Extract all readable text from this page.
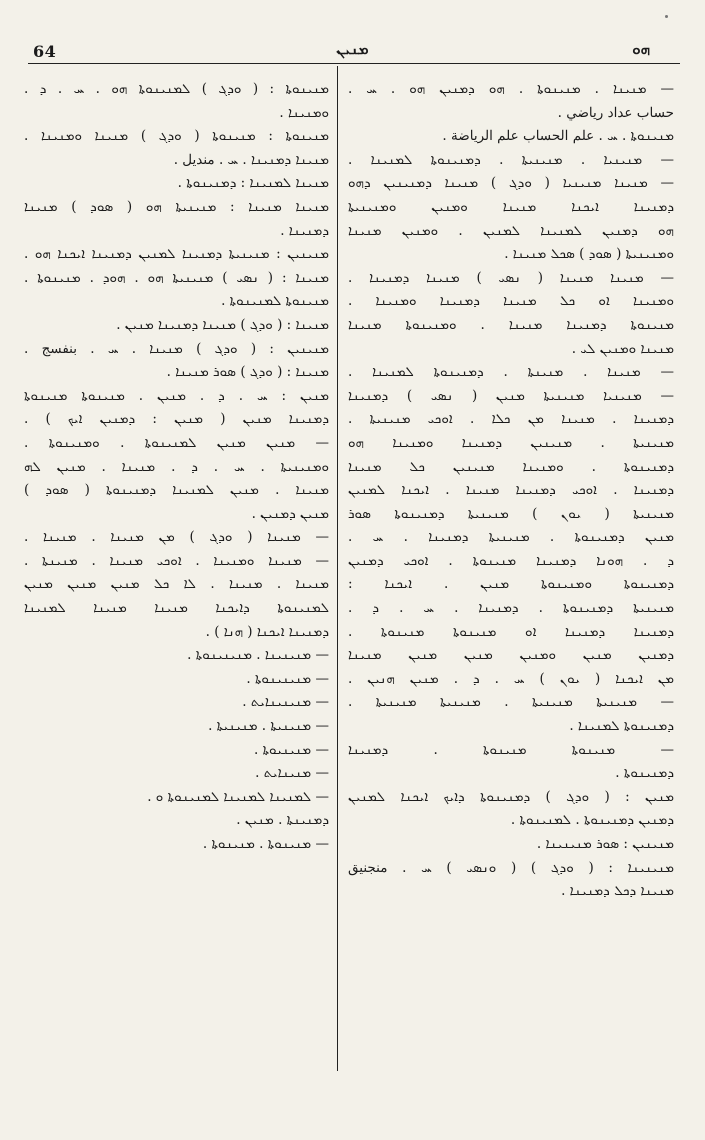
64	ܡܢܝܢ	ܗܘ
— ܡܢܝܢܐ . ܡܢܝܢܘܬܐ . ܗܘ ܕܡܢܝܢ ܗܘ . ܚ .
حساب عداد رياضي .
ܡܢܝܢܘܬܐ . ܚ . علم الحساب علم الرياضة .
— ܡܢܝܢܝܐ . ܡܢܝܢܝܬܐ . ܕܡܢܝܢܘܬܐ ܠܡܢܝܢܐ .
— ܡܢܝܢܐ ܡܢܝܢܝܐ ( ܘܕܓ ) ܡܢܝܢܐ ܕܡܢܝܢܝܢ ܕܗܘ
ܕܡܢܝܢܐ ܐܝܟܢܐ ܡܢܝܢܐ ܘܡܢܝܢ ܘܡܢܝܢܝܬܐ
ܗܘ ܕܡܢܝܢ ܠܡܢܝܢܐ ܠܡܢܝܢ . ܘܡܢܝܢ ܡܢܝܢܐ
ܘܡܢܝܢܝܬܐ ( ܣܘܕ ) ܣܟܠ ܡܢܝܢܐ .
— ܡܢܝܢܐ ܡܢܝܢܐ ( ܢܣܝ ) ܡܢܝܢܐ ܕܡܢܝܢܐ .
ܘܡܢܝܢܐ ܐܘ ܟܠ ܡܢܝܢܐ ܕܡܢܝܢܐ ܘܡܢܝܢܐ .
ܡܢܝܢܘܬܐ ܕܡܢܝܢܐ ܡܢܝܢܐ . ܘܡܢܝܢܘܬܐ ܡܢܝܢܐ
ܡܢܝܢܐ ܘܡܢܝܢ ܠܝ .
— ܡܢܝܢܐ . ܡܢܝܢܬܐ . ܕܡܢܝܢܘܬܐ ܠܡܢܝܢܐ .
— ܡܢܝܢܝܐ ܡܢܝܢܝܬܐ ܡܢܝܢ ( ܢܣܝ ) ܕܡܢܝܢܐ
ܕܡܢܝܢܐ . ܡܢܝܢܐ ܡܢ ܟܠܐ . ܐܘܟܝ ܡܢܝܢܝܬܐ .
ܡܢܝܢܝܬܐ . ܡܢܝܢܝܢ ܕܡܢܝܢܐ ܘܡܢܝܢܐ ܗܘ
ܕܡܢܝܢܘܬܐ . ܘܡܢܝܢܐ ܡܢܝܢܝܢ ܟܠ ܡܢܝܢܐ
ܕܡܢܝܢܐ . ܐܘܟܝ ܕܡܢܝܢܐ ܡܢܝܢܐ . ܐܝܟܢܐ ܠܡܢܝܢ
ܡܢܝܢܝܬܐ ( ܝܘܢ ) ܡܢܝܢܝܬܐ ܕܡܢܝܢܘܬܐ ܣܘܪ
ܡܢܝܢ ܕܡܢܝܢܘܬܐ . ܡܢܝܢܝܬܐ ܕܡܢܝܢܐ . ܚ .
ܕ . ܗܘܢܐ ܕܡܢܝܢܐ ܡܢܝܢܘܬܐ . ܐܘܟܝ ܕܡܢܝܢ
ܕܡܢܝܢܘܬܐ ܘܡܢܝܢܘܬܐ ܡܢܝܢ . ܐܝܟܢܐ :
ܡܢܝܢܝܬܐ ܕܡܢܝܢܘܬܐ . ܕܡܢܝܢܐ . ܚ . ܕ .
ܕܡܢܝܢܐ ܕܡܢܝܢܐ ܐܘ ܡܢܝܢܘܬܐ ܡܢܝܢܘܬܐ .
ܕܡܢܝܢ ܡܢܝܢ ܘܡܢܝܢ ܡܢܝܢ ܡܢܝܢ ܡܢܝܢܐ
ܡܢ ܐܝܟܢܐ ( ܝܘܢ ) ܚ . ܕ . ܡܢܝܢ ܗܢܝܢ .
— ܡܢܝܢܝܬܐ ܡܢܝܢܝܬܐ . ܡܢܝܢܝܬܐ ܡܢܝܢܝܬܐ .
ܕܡܢܝܢܘܬܐ ܠܡܢܝܢܐ .
— ܡܢܝܢܘܬܐ ܡܢܝܢܘܬܐ . ܕܡܢܝܢܐ
ܕܡܢܝܢܘܬܐ .
ܡܢܝܢ : ( ܘܕܓ ) ܕܡܢܝܢܘܬܐ ܕܐܝܟ ܐܝܟܢܐ ܠܡܢܝܢ
ܕܡܢܝܢ ܕܡܢܝܢܘܬܐ . ܠܡܢܝܢܘܬܐ .
ܡܢܝܢܝܢ : ܣܘܪ ܡܢܝܢܝܢܐ .
ܡܢܝܢܝܢܐ : ( ܘܕܓ ) ( ܘܢܣܝ ) ܚ . منجنيق
ܡܢܝܢܐ ܕܟܠ ܕܡܢܝܢܐ .
ܡܢܝܢܘܬܐ : ( ܘܕܓ ) ܠܡܢܝܢܘܬܐ ܗܘ . ܚ . ܕ .
ܘܡܢܝܢܐ .
ܡܢܝܢܘܬܐ : ܡܢܝܢܘܬܐ ( ܘܕܓ ) ܡܢܝܢܐ ܘܡܢܝܢܐ .
ܡܢܝܢܐ ܕܡܢܝܢܐ . ܚ . منديل .
ܡܢܝܢܐ ܠܡܢܝܢܐ : ܕܡܢܝܢܘܬܐ .
ܡܢܝܢܐ ܡܢܝܢܐ : ܡܢܝܢܝܬܐ ܗܘ ( ܣܘܕ ) ܡܢܝܢܐ
ܕܡܢܝܢܐ .
ܡܢܝܢܝܢ : ܡܢܝܢܝܬܐ ܕܡܢܝܢܐ ܠܡܢܝܢ ܕܡܢܝܢܐ ܐܝܟܢܐ ܗܘ .
ܡܢܝܢܐ : ( ܢܣܝ ) ܡܢܝܢܝܬܐ ܗܘ . ܗܘܕ . ܡܢܝܢܘܬܐ .
ܡܢܝܢܘܬܐ ܠܡܢܝܢܘܬܐ .
ܡܢܝܢܐ : ( ܘܕܓ ) ܡܢܝܢܐ ܕܡܢܝܢܐ ܡܢܝܢ .
ܡܢܝܢܝܢ : ( ܘܕܓ ) ܡܢܝܢܐ . ܚ . بنفسج .
ܡܢܝܢܐ : ( ܘܕܓ ) ܣܘܪ ܡܢܝܢܐ .
ܡܢܝܢ : ܚ . ܕ . ܡܢܝܢ . ܡܢܝܢܘܬܐ ܡܢܝܢܘܬܐ
ܕܡܢܝܢܐ ܡܢܝܢ ( ܡܢܝܢ : ܕܡܢܝܢ ܐܝܟ ) .
— ܡܢܝܢ ܡܢܝܢ ܠܡܢܝܢܘܬܐ . ܘܡܢܝܢܘܬܐ .
ܘܡܢܝܢܝܬܐ . ܚ . ܕ . ܡܢܝܢܐ . ܡܢܝܢ ܠܗ
ܡܢܝܢܐ . ܡܢܝܢ ܠܡܢܝܢܐ ܕܡܢܝܢܘܬܐ ( ܣܘܕ )
ܡܢܝܢ ܕܡܢܝܢ .
— ܡܢܝܢܐ ( ܘܕܓ ) ܡܢ ܡܢܝܢܐ . ܡܢܝܢܐ .
— ܡܢܝܢܐ ܘܡܢܝܢܐ . ܐܘܟܝ ܡܢܝܢܐ . ܡܢܝܢܬܐ .
ܡܢܝܢܐ . ܡܢܝܢܐ . ܠܐ ܟܠ ܡܢܝܢ ܡܢܝܢ ܡܢܝܢ
ܠܡܢܝܢܘܬܐ ܕܐܝܟܢܐ ܡܢܝܢܐ ܡܢܝܢܐ ܠܡܢܝܢܐ
ܕܡܢܝܢܐ ܐܝܟܢܐ ( ܗܢܐ ) .
— ܡܢܝܢܝܢܐ . ܡܢܝܢܝܢܘܬܐ .
— ܡܢܝܢܝܢܘܬܐ .
— ܡܢܝܢܝܢܐܝܬ .
— ܡܢܝܢܝܬܐ . ܡܢܝܢܝܬܐ .
— ܡܢܝܢܝܘܬܐ .
— ܡܢܝܢܐܝܬ .
— ܠܡܢܝܢܐ ܠܡܢܝܢܐ ܠܡܢܝܢܘܬܐ ܘ .
ܕܡܢܝܢܬܐ . ܡܢܝܢ .
— ܡܢܝܢܘܬܐ . ܡܢܝܢܘܬܐ .
